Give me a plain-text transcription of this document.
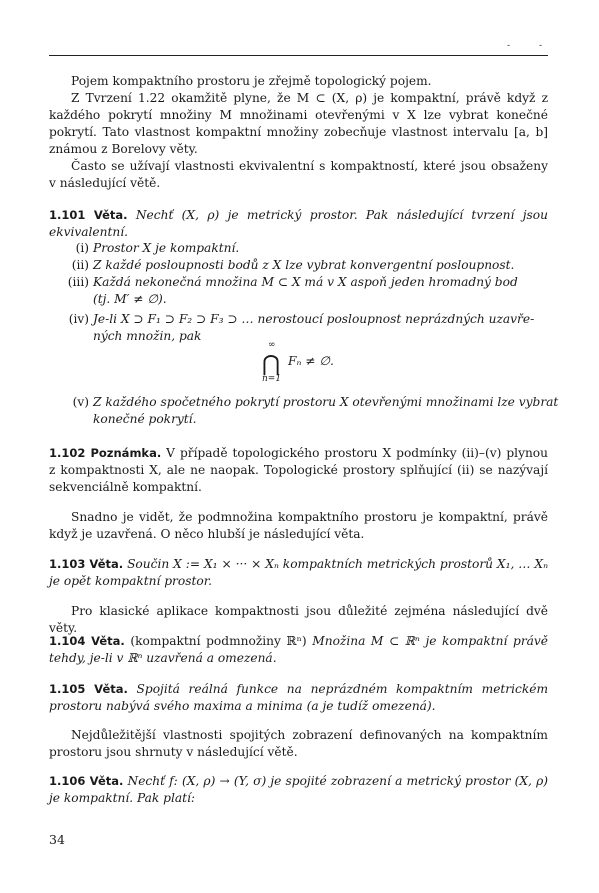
-	-

Pojem kompaktního prostoru je zřejmě topologický pojem.

Z Tvrzení 1.22 okamžitě plyne, že M ⊂ (X, ρ) je kompaktní, právě když z každého pokrytí množiny M množinami otevřenými v X lze vybrat konečné pokrytí. Tato vlastnost kompaktní množiny zobecňuje vlastnost intervalu [a, b] známou z Borelovy věty.

Často se užívají vlastnosti ekvivalentní s kompaktností, které jsou obsaženy v následující větě.

1.101 Věta. Nechť (X, ρ) je metrický prostor. Pak následující tvrzení jsou ekvivalentní.
(i) Prostor X je kompaktní.
(ii) Z každé posloupnosti bodů z X lze vybrat konvergentní posloupnost.
(iii) Každá nekonečná množina M ⊂ X má v X aspoň jeden hromadný bod
(tj. M′ ≠ ∅).
(iv) Je-li X ⊃ F₁ ⊃ F₂ ⊃ F₃ ⊃ … nerostoucí posloupnost neprázdných uzavře-
ných množin, pak
∞
⋂
n=1
Fₙ ≠ ∅.
(v) Z každého spočetného pokrytí prostoru X otevřenými množinami lze vybrat
konečné pokrytí.
1.102 Poznámka. V případě topologického prostoru X podmínky (ii)–(v) plynou z kompaktnosti X, ale ne naopak. Topologické prostory splňující (ii) se nazývají sekvenciálně kompaktní.

Snadno je vidět, že podmnožina kompaktního prostoru je kompaktní, právě když je uzavřená. O něco hlubší je následující věta.

1.103 Věta. Součin X := X₁ × ··· × Xₙ kompaktních metrických prostorů X₁, … Xₙ je opět kompaktní prostor.

Pro klasické aplikace kompaktnosti jsou důležité zejména následující dvě věty.

1.104 Věta. (kompaktní podmnožiny ℝⁿ) Množina M ⊂ ℝⁿ je kompaktní právě tehdy, je-li v ℝⁿ uzavřená a omezená.
1.105 Věta. Spojitá reálná funkce na neprázdném kompaktním metrickém prostoru nabývá svého maxima a minima (a je tudíž omezená).

Nejdůležitější vlastnosti spojitých zobrazení definovaných na kompaktním prostoru jsou shrnuty v následující větě.

1.106 Věta. Nechť f: (X, ρ) → (Y, σ) je spojité zobrazení a metrický prostor (X, ρ) je kompaktní. Pak platí:
34
